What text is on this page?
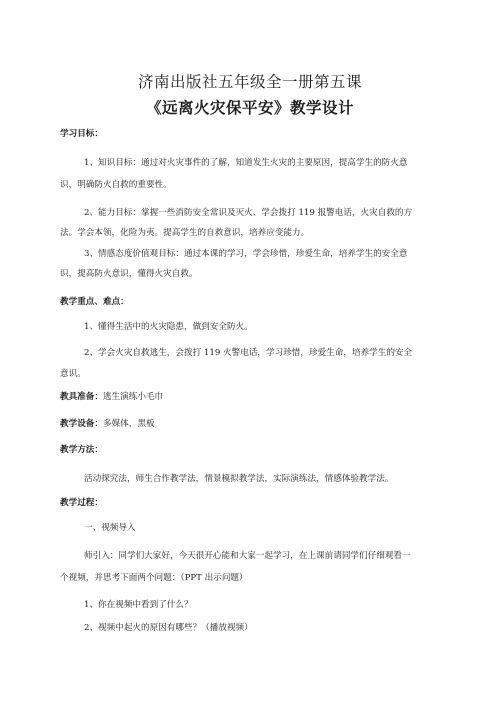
济南出版社五年级全一册第五课
《远离火灾保平安》教学设计
学习目标：
1、知识目标：通过对火灾事件的了解，知道发生火灾的主要原因，提高学生的防火意
识，明确防火自救的重要性。
2、能力目标：掌握一些消防安全常识及灭火、学会拨打 119 报警电话，火灾自救的方
法。学会本领，化险为夷。提高学生的自救意识，培养应变能力。
3、情感态度价值观目标：通过本课的学习，学会珍惜，珍爱生命，培养学生的安全意
识，提高防火意识，懂得火灾自救。
教学重点、难点：
1、懂得生活中的火灾隐患，做到安全防火。
2、学会火灾自救逃生，会拨打 119 火警电话，学习珍惜，珍爱生命，培养学生的安全
意识。
教具准备：逃生演练小毛巾
教学设备：多媒体，黑板
教学方法：
活动探究法，师生合作教学法，情景模拟教学法，实际演练法，情感体验教学法。
教学过程：
一、视频导入
师引入：同学们大家好，今天很开心能和大家一起学习，在上课前请同学们仔细观看一
个视频，并思考下面两个问题：（PPT 出示问题）
1、你在视频中看到了什么？
2、视频中起火的原因有哪些？（播放视频）
